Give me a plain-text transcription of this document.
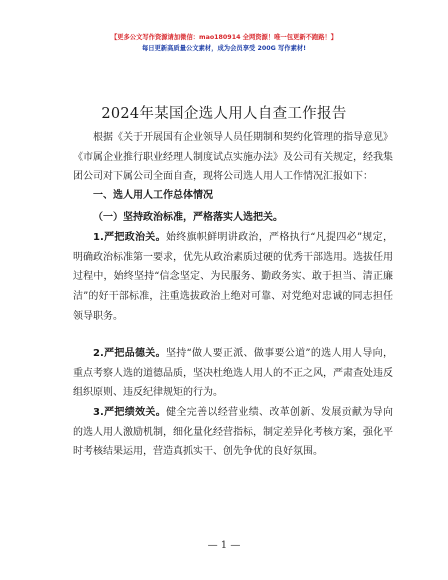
【更多公文写作资源请加微信：mao180914 全网资源！唯一包更新不跑路！】
每日更新高质量公文素材，成为会员享受 200G 写作素材!
2024年某国企选人用人自查工作报告

根据《关于开展国有企业领导人员任期制和契约化管理的指导意见》《市属企业推行职业经理人制度试点实施办法》及公司有关规定，经我集团公司对下属公司全面自查，现将公司选人用人工作情况汇报如下：

一、选人用人工作总体情况
（一）坚持政治标准，严格落实人选把关。

1.严把政治关。始终旗帜鲜明讲政治，严格执行“凡提四必”规定，明确政治标准第一要求，优先从政治素质过硬的优秀干部选用。选拔任用过程中，始终坚持“信念坚定、为民服务、勤政务实、敢于担当、清正廉洁”的好干部标准，注重选拔政治上绝对可靠、对党绝对忠诚的同志担任领导职务。

2.严把品德关。坚持“做人要正派、做事要公道”的选人用人导向，重点考察人选的道德品质，坚决杜绝选人用人的不正之风，严肃查处违反组织原则、违反纪律规矩的行为。

3.严把绩效关。健全完善以经营业绩、改革创新、发展贡献为导向的选人用人激励机制，细化量化经营指标，制定差异化考核方案，强化平时考核结果运用，营造真抓实干、创先争优的良好氛围。

— 1 —
